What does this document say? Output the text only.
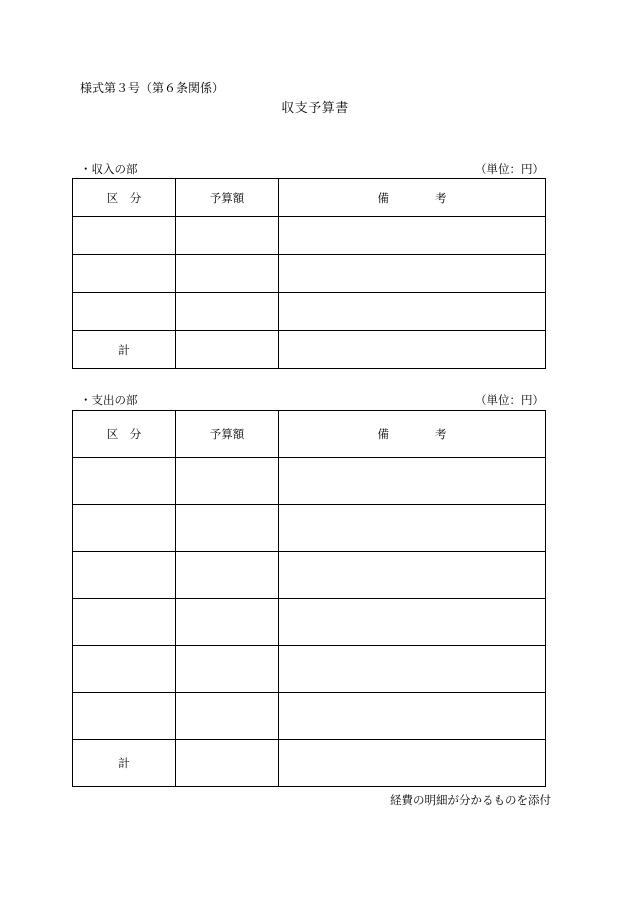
様式第３号（第６条関係）
収支予算書
・収入の部	（単位：円）
区　分	予算額	備　　　　考

計		
・支出の部	（単位：円）
区　分	予算額	備　　　　考

計		
経費の明細が分かるものを添付
